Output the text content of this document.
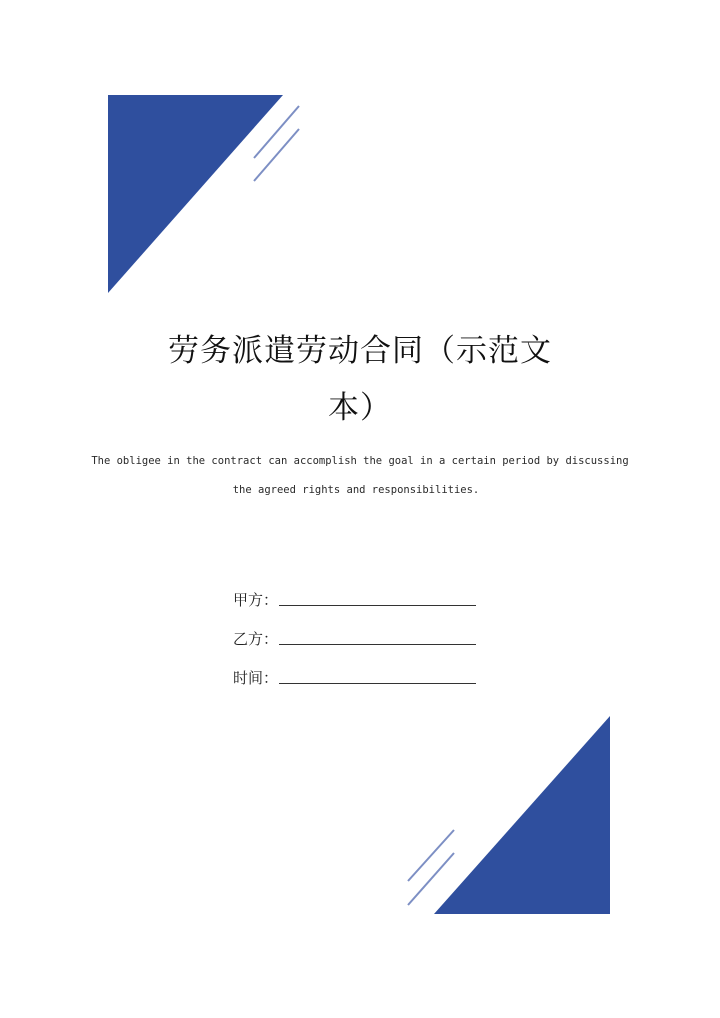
劳务派遣劳动合同（示范文
本）
The obligee in the contract can accomplish the goal in a certain period by discussing
the agreed rights and responsibilities.
甲方：
乙方：
时间：
